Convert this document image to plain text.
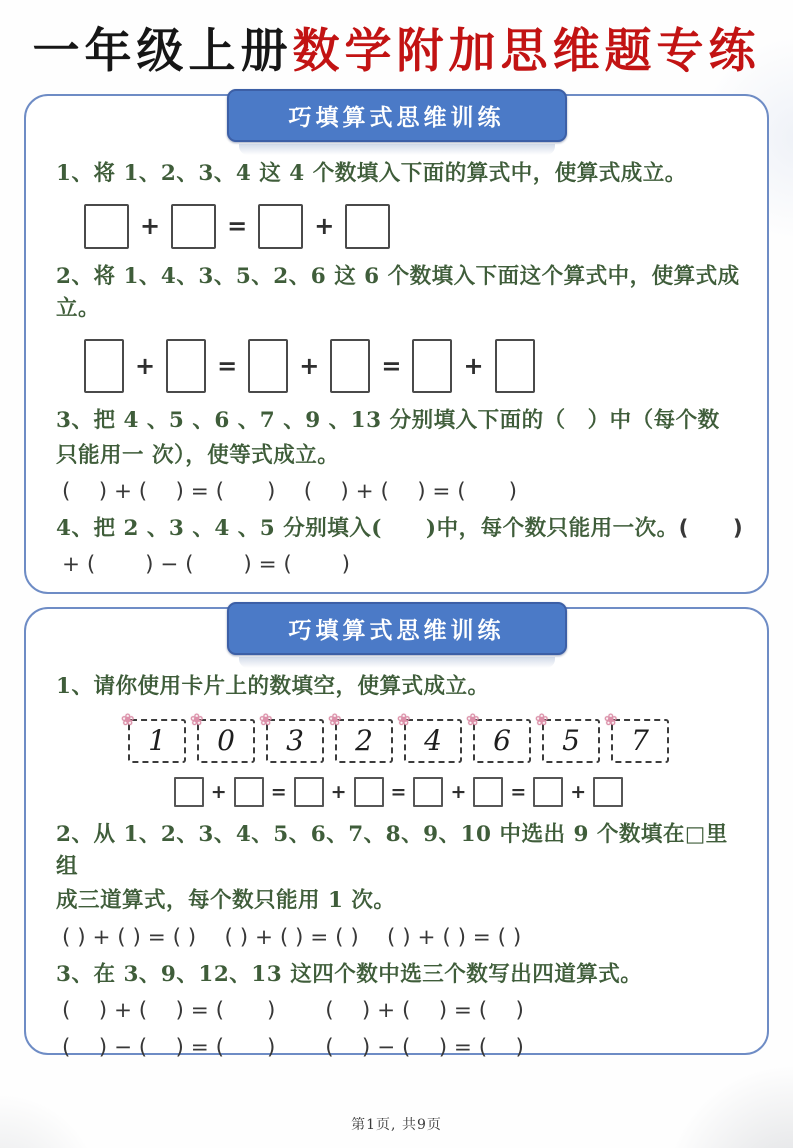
一年级上册数学附加思维题专练
巧填算式思维训练
1、将 1、2、3、4 这 4 个数填入下面的算式中，使算式成立。
+	=	+
2、将 1、4、3、5、2、6 这 6 个数填入下面这个算式中，使算式成立。
+	=	+	=	+
3、把 4 、5 、6 、7 、9 、13 分别填入下面的（　）中（每个数
只能用一 次），使等式成立。
(　 ) + (　 ) = (　　)　 (　 ) + (　 ) = (　　)
4、把 2 、3 、4 、5 分别填入(　　)中，每个数只能用一次。(　　)
+ (　　 ) − (　　 ) = (　　 )
巧填算式思维训练
1、请你使用卡片上的数填空，使算式成立。
❀
1
❀
0
❀
3
❀
2
❀
4
❀
6
❀
5
❀
7
+ = + = + = +
2、从 1、2、3、4、5、6、7、8、9、10 中选出 9 个数填在□里组
成三道算式，每个数只能用 1 次。
( ) + ( ) = ( )　 ( ) + ( ) = ( )　 ( ) + ( ) = ( )
3、在 3、9、12、13 这四个数中选三个数写出四道算式。
(　 ) + (　 ) = (　　)　　 (　 ) + (　 ) = (　 )
(　 ) − (　 ) = (　　)　　 (　 ) − (　 ) = (　 )
第1页, 共9页
